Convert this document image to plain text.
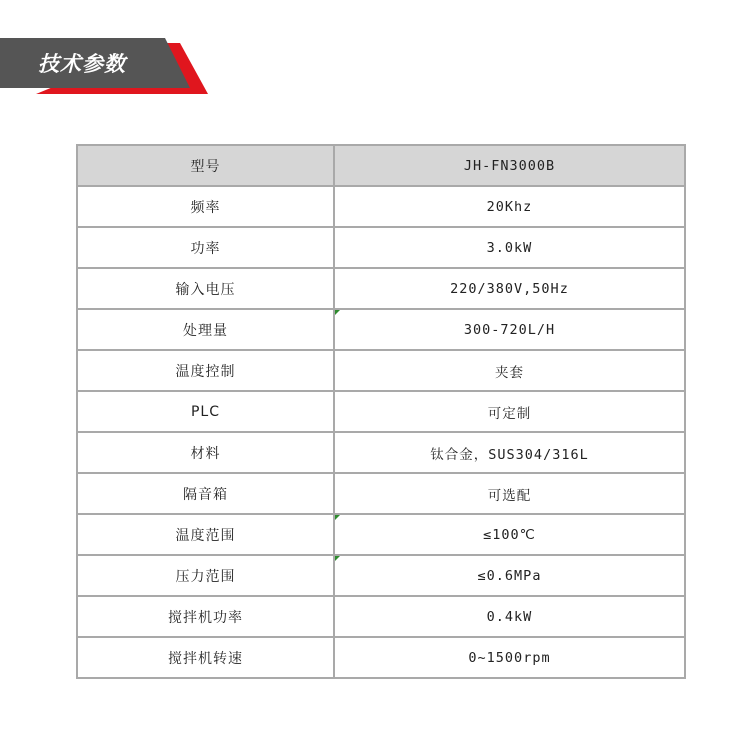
技术参数
型号	JH-FN3000B
频率	20Khz
功率	3.0kW
输入电压	220/380V,50Hz
处理量	300-720L/H
温度控制	夹套
PLC	可定制
材料	钛合金，SUS304/316L
隔音箱	可选配
温度范围	≤100℃
压力范围	≤0.6MPa
搅拌机功率	0.4kW
搅拌机转速	0~1500rpm
